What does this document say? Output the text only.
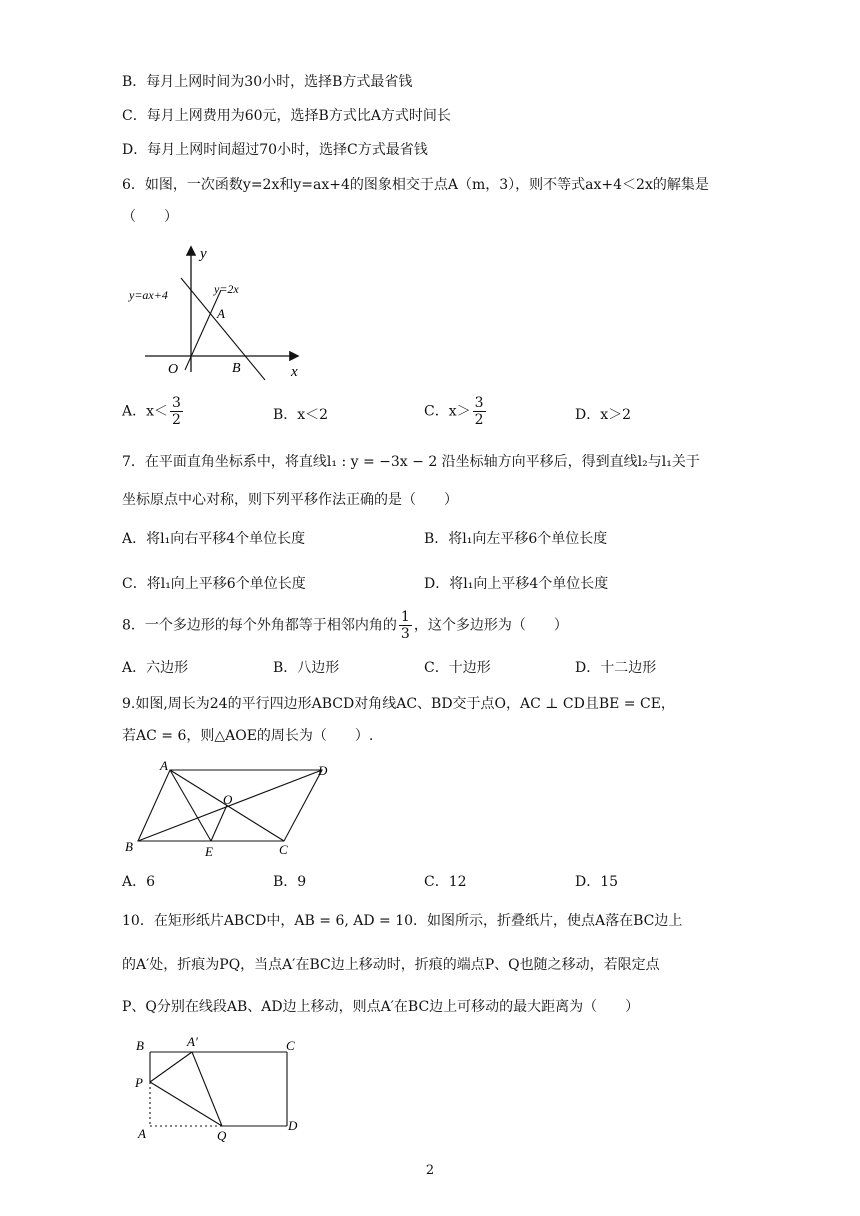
B．每月上网时间为30小时，选择B方式最省钱
C．每月上网费用为60元，选择B方式比A方式时间长
D．每月上网时间超过70小时，选择C方式最省钱
6．如图，一次函数y=2x和y=ax+4的图象相交于点A（m，3），则不等式ax+4＜2x的解集是
（　　）
y
x
O
A
B
y=ax+4	y=2x
A．$x< \frac{3}{2}$	B．x＜2	C．$x> \frac{3}{2}$	D．x＞2
7．在平面直角坐标系中，将直线l₁ : y = −3x − 2 沿坐标轴方向平移后，得到直线l₂与l₁关于
坐标原点中心对称，则下列平移作法正确的是（　　）
A．将l₁向右平移4个单位长度	B．将l₁向左平移6个单位长度
C．将l₁向上平移6个单位长度	D．将l₁向上平移4个单位长度
8．一个多边形的每个外角都等于相邻内角的 $\frac{1}{3}$ ，这个多边形为（　　）
A．六边形	B．八边形	C．十边形	D．十二边形
9.如图,周长为24的平行四边形ABCD对角线AC、BD交于点O，AC ⊥ CD且BE = CE，
若AC = 6，则△AOE的周长为（　　）.
A	D
O
B	E	C
A．6	B．9	C．12	D．15
10．在矩形纸片ABCD中，AB = 6, AD = 10．如图所示，折叠纸片，使点A落在BC边上
的A′处，折痕为PQ，当点A′在BC边上移动时，折痕的端点P、Q也随之移动，若限定点
P、Q分别在线段AB、AD边上移动，则点A′在BC边上可移动的最大距离为（　　）
B	A′	C
P
A	Q
D
2
